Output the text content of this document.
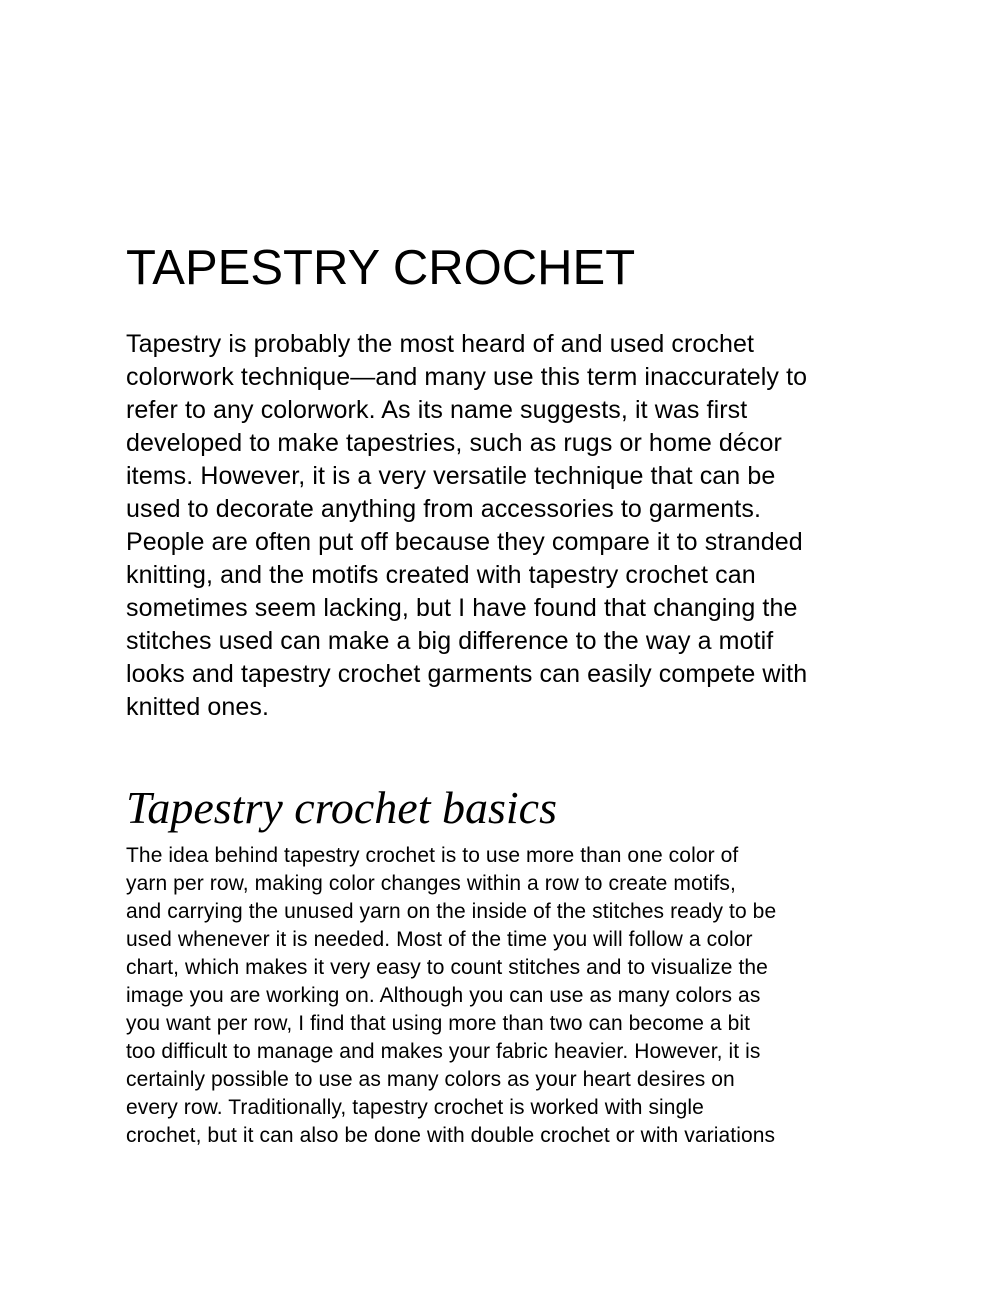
TAPESTRY CROCHET

Tapestry is probably the most heard of and used crochet
colorwork technique—and many use this term inaccurately to
refer to any colorwork. As its name suggests, it was first
developed to make tapestries, such as rugs or home décor
items. However, it is a very versatile technique that can be
used to decorate anything from accessories to garments.
People are often put off because they compare it to stranded
knitting, and the motifs created with tapestry crochet can
sometimes seem lacking, but I have found that changing the
stitches used can make a big difference to the way a motif
looks and tapestry crochet garments can easily compete with
knitted ones.

Tapestry crochet basics

The idea behind tapestry crochet is to use more than one color of
yarn per row, making color changes within a row to create motifs,
and carrying the unused yarn on the inside of the stitches ready to be
used whenever it is needed. Most of the time you will follow a color
chart, which makes it very easy to count stitches and to visualize the
image you are working on. Although you can use as many colors as
you want per row, I find that using more than two can become a bit
too difficult to manage and makes your fabric heavier. However, it is
certainly possible to use as many colors as your heart desires on
every row. Traditionally, tapestry crochet is worked with single
crochet, but it can also be done with double crochet or with variations
